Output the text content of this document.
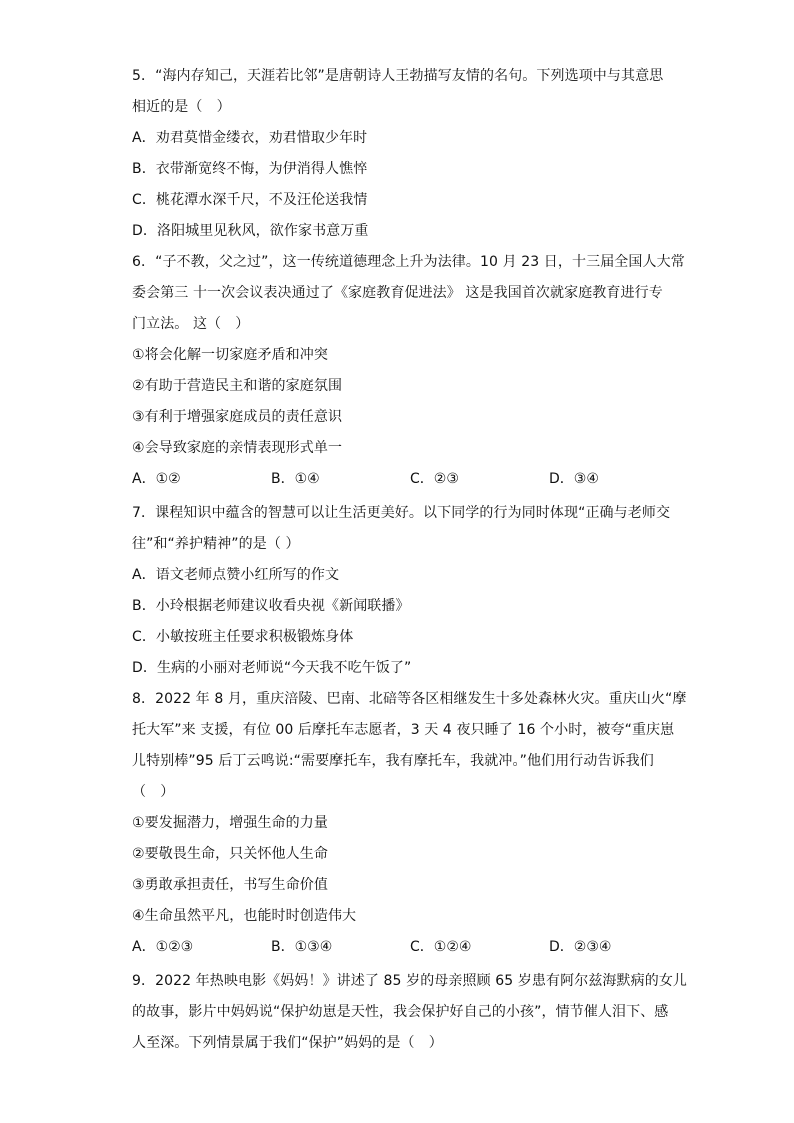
5．“海内存知己，天涯若比邻”是唐朝诗人王勃描写友情的名句。下列选项中与其意思
相近的是（　）
A．劝君莫惜金缕衣，劝君惜取少年时
B．衣带渐宽终不悔，为伊消得人憔悴
C．桃花潭水深千尺，不及汪伦送我情
D．洛阳城里见秋风，欲作家书意万重
6．“子不教，父之过”，这一传统道德理念上升为法律。10 月 23 日，十三届全国人大常
委会第三 十一次会议表决通过了《家庭教育促进法》 这是我国首次就家庭教育进行专
门立法。 这（　）
①将会化解一切家庭矛盾和冲突
②有助于营造民主和谐的家庭氛围
③有利于增强家庭成员的责任意识
④会导致家庭的亲情表现形式单一
A．①②	B．①④	C．②③	D．③④
7．课程知识中蕴含的智慧可以让生活更美好。以下同学的行为同时体现“正确与老师交
往”和“养护精神”的是（ ）
A．语文老师点赞小红所写的作文
B．小玲根据老师建议收看央视《新闻联播》
C．小敏按班主任要求积极锻炼身体
D．生病的小丽对老师说“今天我不吃午饭了”
8．2022 年 8 月，重庆涪陵、巴南、北碚等各区相继发生十多处森林火灾。重庆山火“摩
托大军”来 支援，有位 00 后摩托车志愿者，3 天 4 夜只睡了 16 个小时，被夸“重庆崽
儿特别棒”95 后丁云鸣说:“需要摩托车，我有摩托车，我就冲。”他们用行动告诉我们
（　）
①要发掘潜力，增强生命的力量
②要敬畏生命，只关怀他人生命
③勇敢承担责任，书写生命价值
④生命虽然平凡，也能时时创造伟大
A．①②③	B．①③④	C．①②④	D．②③④
9．2022 年热映电影《妈妈！》讲述了 85 岁的母亲照顾 65 岁患有阿尔兹海默病的女儿
的故事，影片中妈妈说“保护幼崽是天性，我会保护好自己的小孩”，情节催人泪下、感
人至深。下列情景属于我们“保护”妈妈的是（　）
